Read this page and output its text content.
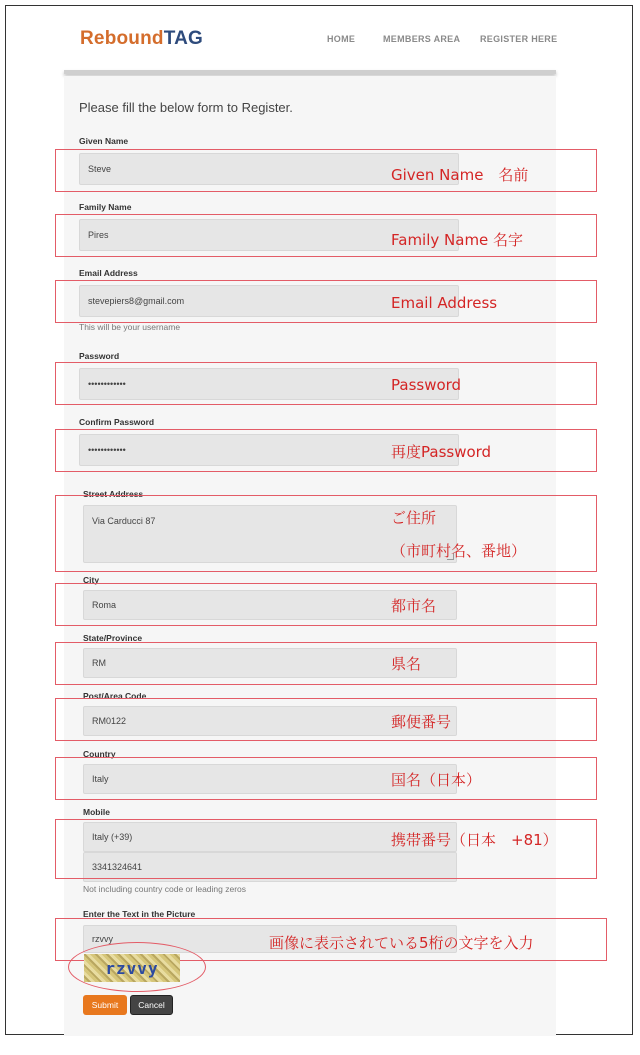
ReboundTAG	HOME	MEMBERS AREA REGISTER HERE
Please fill the below form to Register.
Given Name
Steve	Given Name　名前
Family Name
Pires	Family Name 名字
Email Address
stevepiers8@gmail.com
This will be your username
Email Address
Password
••••••••••••	Password
Confirm Password
••••••••••••	再度Password
Street Address
Via Carducci 87	ご住所
（市町村名、番地）
City
Roma	都市名
State/Province
RM	県名
Post/Area Code
RM0122	郵便番号
Country
Italy	国名（日本）
Mobile
Italy (+39)
3341324641
Not including country code or leading zeros
携帯番号（日本　+81）
Enter the Text in the Picture
rzvvy	画像に表示されている5桁の文字を入力
rzvvy
Submit	Cancel
